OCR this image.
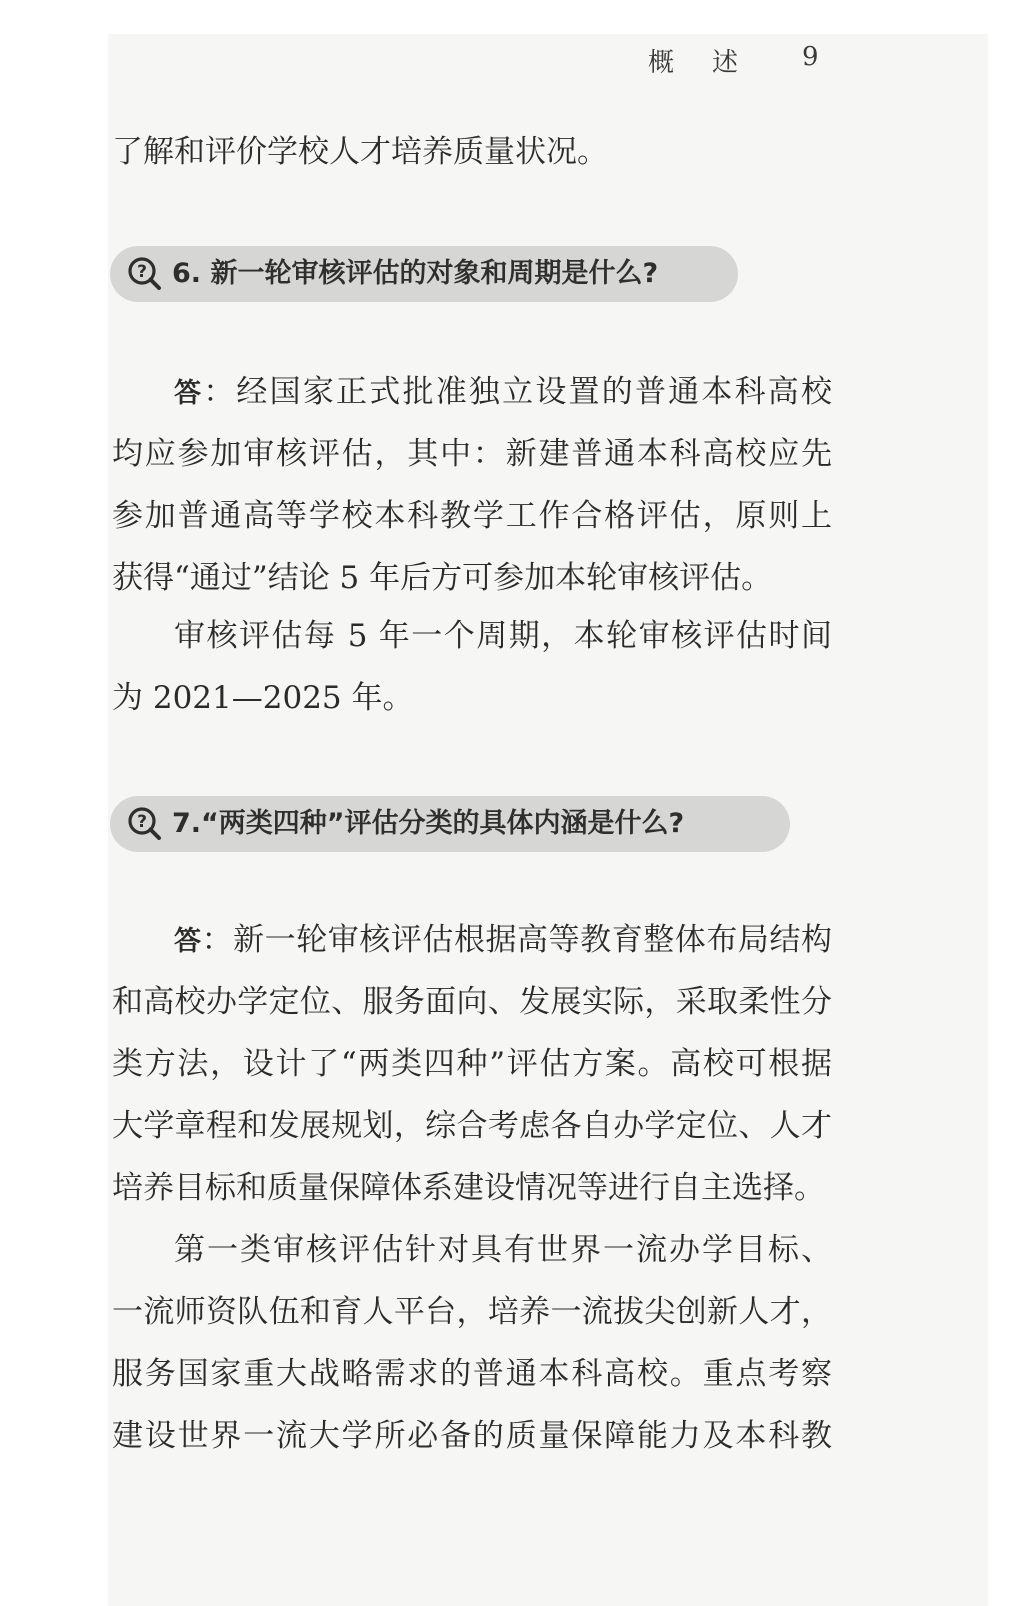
概述 9
了解和评价学校人才培养质量状况。
? 6. 新一轮审核评估的对象和周期是什么?
答：经国家正式批准独立设置的普通本科高校
均应参加审核评估，其中：新建普通本科高校应先
参加普通高等学校本科教学工作合格评估，原则上
获得“通过”结论 5 年后方可参加本轮审核评估。
审核评估每 5 年一个周期，本轮审核评估时间
为 2021—2025 年。
? 7.“两类四种”评估分类的具体内涵是什么?
答：新一轮审核评估根据高等教育整体布局结构
和高校办学定位、服务面向、发展实际，采取柔性分
类方法，设计了“两类四种”评估方案。高校可根据
大学章程和发展规划，综合考虑各自办学定位、人才
培养目标和质量保障体系建设情况等进行自主选择。
第一类审核评估针对具有世界一流办学目标、
一流师资队伍和育人平台，培养一流拔尖创新人才，
服务国家重大战略需求的普通本科高校。重点考察
建设世界一流大学所必备的质量保障能力及本科教
